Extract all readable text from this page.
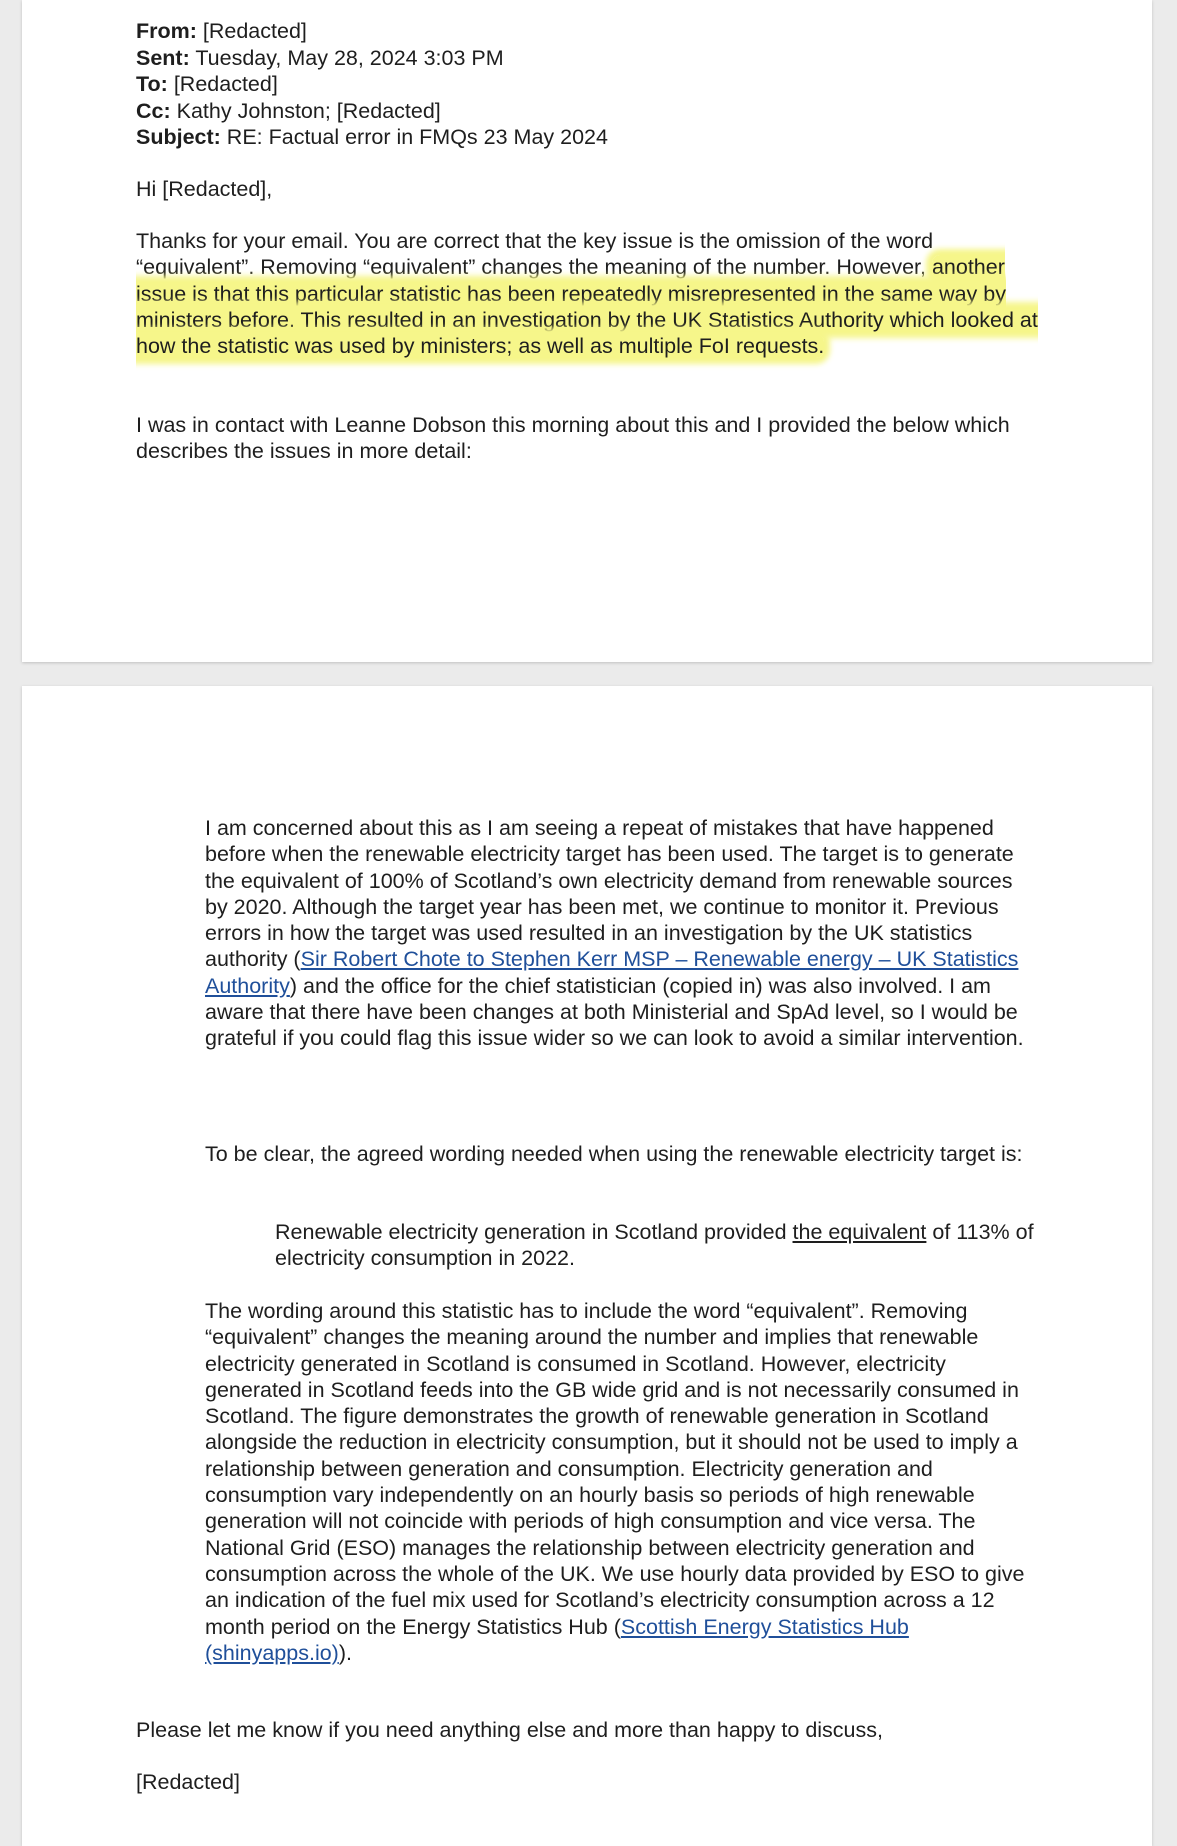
From: [Redacted]
Sent: Tuesday, May 28, 2024 3:03 PM
To: [Redacted]
Cc: Kathy Johnston; [Redacted]
Subject: RE: Factual error in FMQs 23 May 2024

Hi [Redacted],

Thanks for your email. You are correct that the key issue is the omission of the word “equivalent”. Removing “equivalent” changes the meaning of the number. However, another issue is that this particular statistic has been repeatedly misrepresented in the same way by ministers before. This resulted in an investigation by the UK Statistics Authority which looked at how the statistic was used by ministers; as well as multiple FoI requests.

I was in contact with Leanne Dobson this morning about this and I provided the below which describes the issues in more detail:

I am concerned about this as I am seeing a repeat of mistakes that have happened before when the renewable electricity target has been used. The target is to generate the equivalent of 100% of Scotland’s own electricity demand from renewable sources by 2020. Although the target year has been met, we continue to monitor it. Previous errors in how the target was used resulted in an investigation by the UK statistics authority (Sir Robert Chote to Stephen Kerr MSP – Renewable energy – UK Statistics Authority) and the office for the chief statistician (copied in) was also involved. I am aware that there have been changes at both Ministerial and SpAd level, so I would be grateful if you could flag this issue wider so we can look to avoid a similar intervention.

To be clear, the agreed wording needed when using the renewable electricity target is:

Renewable electricity generation in Scotland provided the equivalent of 113% of electricity consumption in 2022.

The wording around this statistic has to include the word “equivalent”. Removing “equivalent” changes the meaning around the number and implies that renewable electricity generated in Scotland is consumed in Scotland. However, electricity generated in Scotland feeds into the GB wide grid and is not necessarily consumed in Scotland. The figure demonstrates the growth of renewable generation in Scotland alongside the reduction in electricity consumption, but it should not be used to imply a relationship between generation and consumption. Electricity generation and consumption vary independently on an hourly basis so periods of high renewable generation will not coincide with periods of high consumption and vice versa. The National Grid (ESO) manages the relationship between electricity generation and consumption across the whole of the UK. We use hourly data provided by ESO to give an indication of the fuel mix used for Scotland’s electricity consumption across a 12 month period on the Energy Statistics Hub (Scottish Energy Statistics Hub (shinyapps.io)).

Please let me know if you need anything else and more than happy to discuss,

[Redacted]
